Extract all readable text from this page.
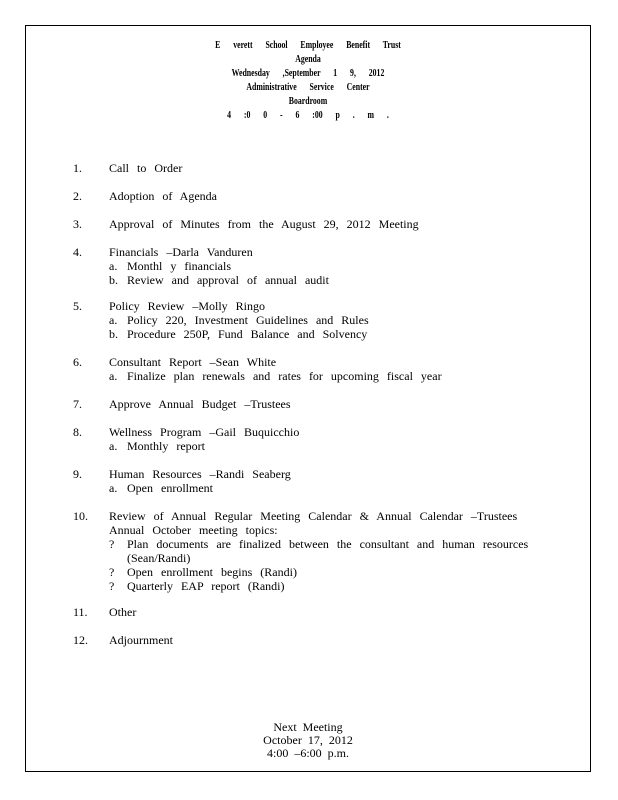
E verett School Employee Benefit Trust
Agenda
Wednesday ,September 1 9, 2012
Administrative Service Center
Boardroom
4 :0 0 - 6 :00 p . m .
1.	Call to Order
2.	Adoption of Agenda
3.	Approval of Minutes from the August 29, 2012 Meeting
4.	Financials –Darla Vanduren
a. Monthl y financials
b. Review and approval of annual audit
5.	Policy Review –Molly Ringo
a. Policy 220, Investment Guidelines and Rules
b. Procedure 250P, Fund Balance and Solvency
6.	Consultant Report –Sean White
a. Finalize plan renewals and rates for upcoming fiscal year
7.	Approve Annual Budget –Trustees
8.	Wellness Program –Gail Buquicchio
a. Monthly report
9.	Human Resources –Randi Seaberg
a. Open enrollment
10.	Review of Annual Regular Meeting Calendar & Annual Calendar –Trustees
Annual October meeting topics:
? Plan documents are finalized between the consultant and human resources
(Sean/Randi)
? Open enrollment begins (Randi)
? Quarterly EAP report (Randi)
11.	Other
12.	Adjournment
Next Meeting
October 17, 2012
4:00 –6:00 p.m.
